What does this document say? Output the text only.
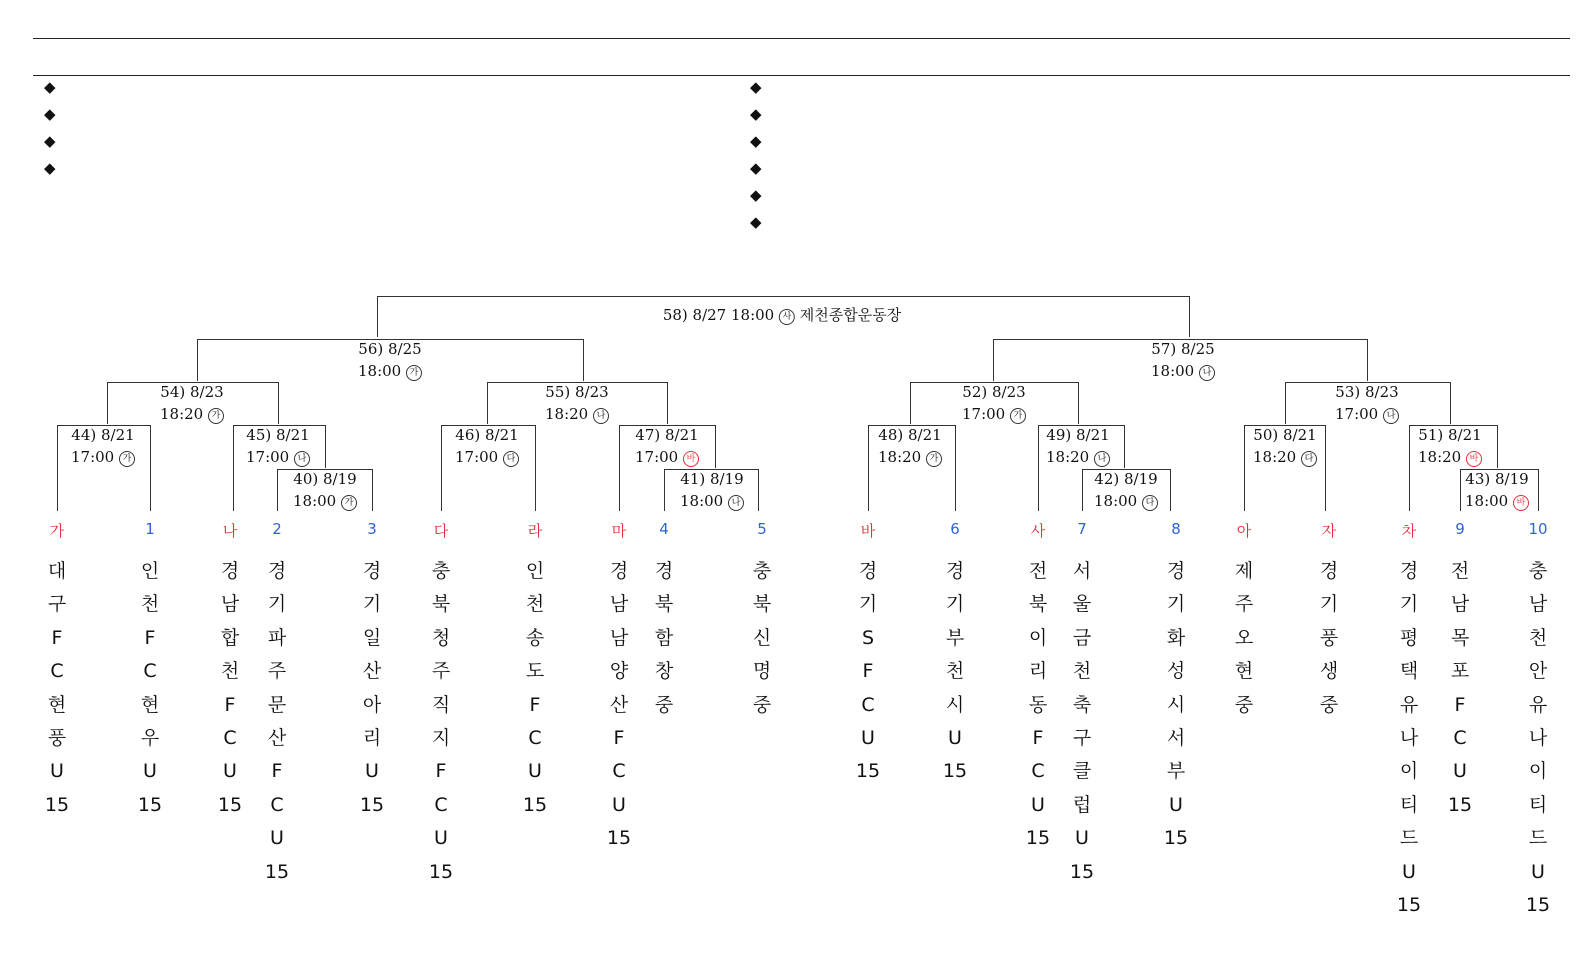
◆
◆
◆
◆
◆
◆
◆
◆
◆
◆
58) 8/27 18:00 사 제천종합운동장
56) 8/25
18:00 가
57) 8/25
18:00 나
54) 8/23
18:20 가
55) 8/23
18:20 나
52) 8/23
17:00 가
53) 8/23
17:00 나
44) 8/21
17:00 가
45) 8/21
17:00 나
46) 8/21
17:00 다
47) 8/21
17:00 바
48) 8/21
18:20 가
49) 8/21
18:20 나
50) 8/21
18:20 다
51) 8/21
18:20 바
40) 8/19
18:00 가
41) 8/19
18:00 나
42) 8/19
18:00 다
43) 8/19
18:00 바
가
대
구
F
C
현
풍
U
15
1
인
천
F
C
현
우
U
15
나
경
남
합
천
F
C
U
15
2
경
기
파
주
문
산
F
C
U
15
3
경
기
일
산
아
리
U
15
다
충
북
청
주
직
지
F
C
U
15
라
인
천
송
도
F
C
U
15
마
경
남
남
양
산
F
C
U
15
4
경
북
함
창
중
5
충
북
신
명
중
바
경
기
S
F
C
U
15
6
경
기
부
천
시
U
15
사
전
북
이
리
동
F
C
U
15
7
서
울
금
천
축
구
클
럽
U
15
8
경
기
화
성
시
서
부
U
15
아
제
주
오
현
중
자
경
기
풍
생
중
차
경
기
평
택
유
나
이
티
드
U
15
9
전
남
목
포
F
C
U
15
10
충
남
천
안
유
나
이
티
드
U
15
